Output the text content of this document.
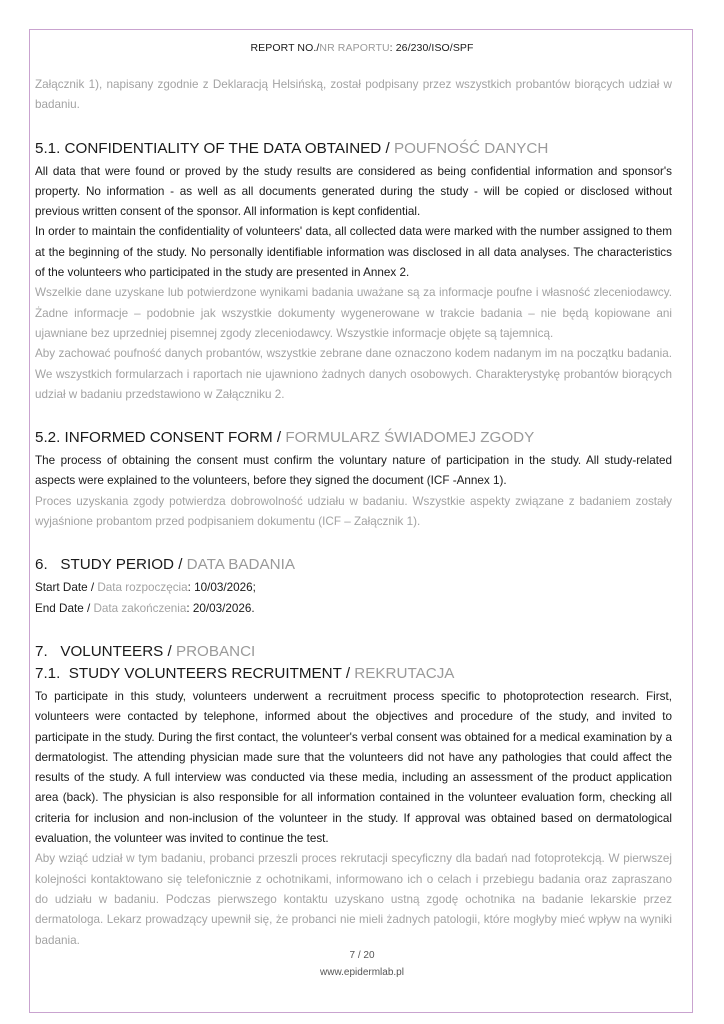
REPORT NO./NR RAPORTU: 26/230/ISO/SPF

Załącznik 1), napisany zgodnie z Deklaracją Helsińską, został podpisany przez wszystkich probantów biorących udział w badaniu.

5.1. CONFIDENTIALITY OF THE DATA OBTAINED / POUFNOŚĆ DANYCH

All data that were found or proved by the study results are considered as being confidential information and sponsor's property. No information - as well as all documents generated during the study - will be copied or disclosed without previous written consent of the sponsor. All information is kept confidential.

In order to maintain the confidentiality of volunteers' data, all collected data were marked with the number assigned to them at the beginning of the study. No personally identifiable information was disclosed in all data analyses. The characteristics of the volunteers who participated in the study are presented in Annex 2.

Wszelkie dane uzyskane lub potwierdzone wynikami badania uważane są za informacje poufne i własność zleceniodawcy. Żadne informacje – podobnie jak wszystkie dokumenty wygenerowane w trakcie badania – nie będą kopiowane ani ujawniane bez uprzedniej pisemnej zgody zleceniodawcy. Wszystkie informacje objęte są tajemnicą.

Aby zachować poufność danych probantów, wszystkie zebrane dane oznaczono kodem nadanym im na początku badania. We wszystkich formularzach i raportach nie ujawniono żadnych danych osobowych. Charakterystykę probantów biorących udział w badaniu przedstawiono w Załączniku 2.

5.2. INFORMED CONSENT FORM / FORMULARZ ŚWIADOMEJ ZGODY

The process of obtaining the consent must confirm the voluntary nature of participation in the study. All study-related aspects were explained to the volunteers, before they signed the document (ICF -Annex 1).

Proces uzyskania zgody potwierdza dobrowolność udziału w badaniu. Wszystkie aspekty związane z badaniem zostały wyjaśnione probantom przed podpisaniem dokumentu (ICF – Załącznik 1).

6.   STUDY PERIOD / DATA BADANIA

Start Date / Data rozpoczęcia: 10/03/2026;

End Date / Data zakończenia: 20/03/2026.

7.   VOLUNTEERS / PROBANCI
7.1.  STUDY VOLUNTEERS RECRUITMENT / REKRUTACJA

To participate in this study, volunteers underwent a recruitment process specific to photoprotection research. First, volunteers were contacted by telephone, informed about the objectives and procedure of the study, and invited to participate in the study. During the first contact, the volunteer's verbal consent was obtained for a medical examination by a dermatologist. The attending physician made sure that the volunteers did not have any pathologies that could affect the results of the study. A full interview was conducted via these media, including an assessment of the product application area (back). The physician is also responsible for all information contained in the volunteer evaluation form, checking all criteria for inclusion and non-inclusion of the volunteer in the study. If approval was obtained based on dermatological evaluation, the volunteer was invited to continue the test.

Aby wziąć udział w tym badaniu, probanci przeszli proces rekrutacji specyficzny dla badań nad fotoprotekcją. W pierwszej kolejności kontaktowano się telefonicznie z ochotnikami, informowano ich o celach i przebiegu badania oraz zapraszano do udziału w badaniu. Podczas pierwszego kontaktu uzyskano ustną zgodę ochotnika na badanie lekarskie przez dermatologa. Lekarz prowadzący upewnił się, że probanci nie mieli żadnych patologii, które mogłyby mieć wpływ na wyniki badania.

7 / 20
www.epidermlab.pl
